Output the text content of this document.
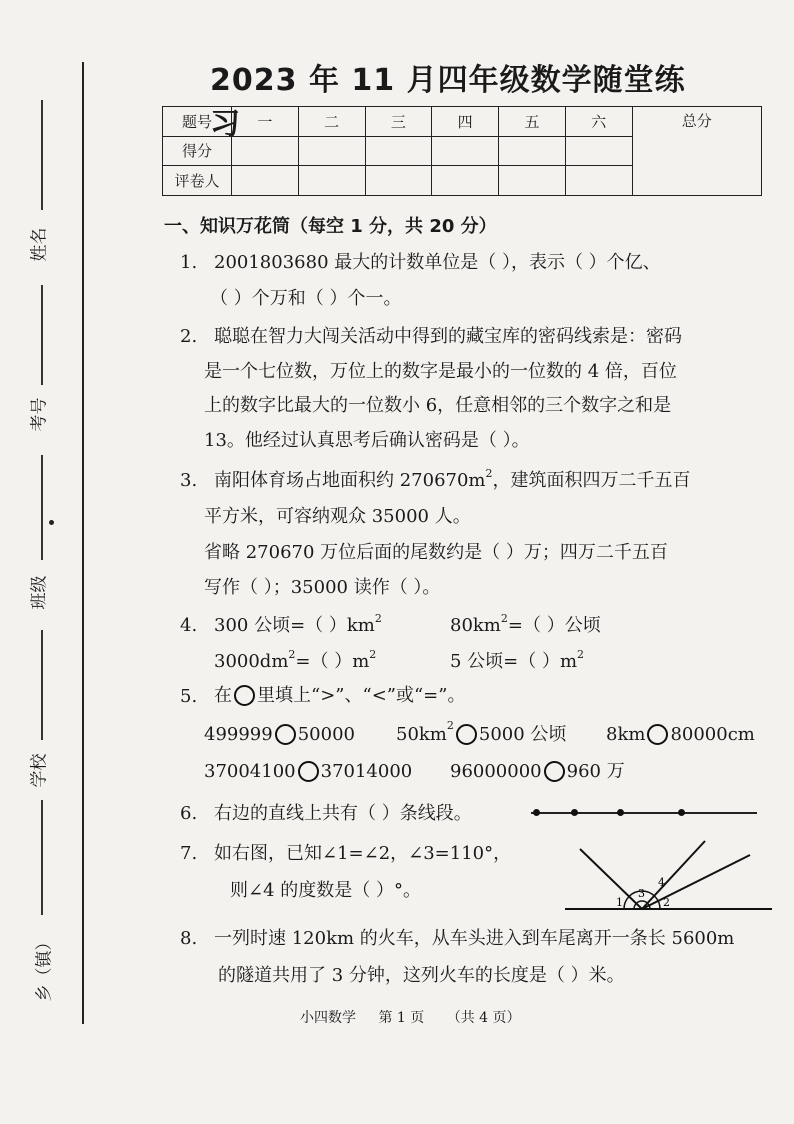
姓名
考号
班级
学校
乡（镇）
2023 年 11 月四年级数学随堂练习
题号	一	二	三	四	五	六	总分
得分							
评卷人							
一、知识万花筒（每空 1 分，共 20 分）
1. 2001803680 最大的计数单位是（ ），表示（ ）个亿、
（ ）个万和（ ）个一。
2. 聪聪在智力大闯关活动中得到的藏宝库的密码线索是：密码
是一个七位数，万位上的数字是最小的一位数的 4 倍，百位
上的数字比最大的一位数小 6，任意相邻的三个数字之和是
13。他经过认真思考后确认密码是（ ）。
3. 南阳体育场占地面积约 $270670m^2$，建筑面积四万二千五百
平方米，可容纳观众 35000 人。
省略 270670 万位后面的尾数约是（ ）万；四万二千五百
写作（ ）；35000 读作（ ）。
4. 300 公顷=（ ）$km^2$	$80km^2=$（ ）公顷
$3000dm^2=$（ ）$m^2$	5 公顷=（ ）$m^2$
5. 在 里填上“>”、“<”或“=”。
499999 50000	$50km^2$ 5000 公顷	8km 80000cm
37004100 37014000	96000000 960 万
6. 右边的直线上共有（ ）条线段。
7. 如右图，已知∠1=∠2，∠3=110°，
则∠4 的度数是（ ）°。
1	2
3
4
8. 一列时速 120km 的火车，从车头进入到车尾离开一条长 5600m
的隧道共用了 3 分钟，这列火车的长度是（ ）米。
小四数学 第 1 页 （共 4 页）
